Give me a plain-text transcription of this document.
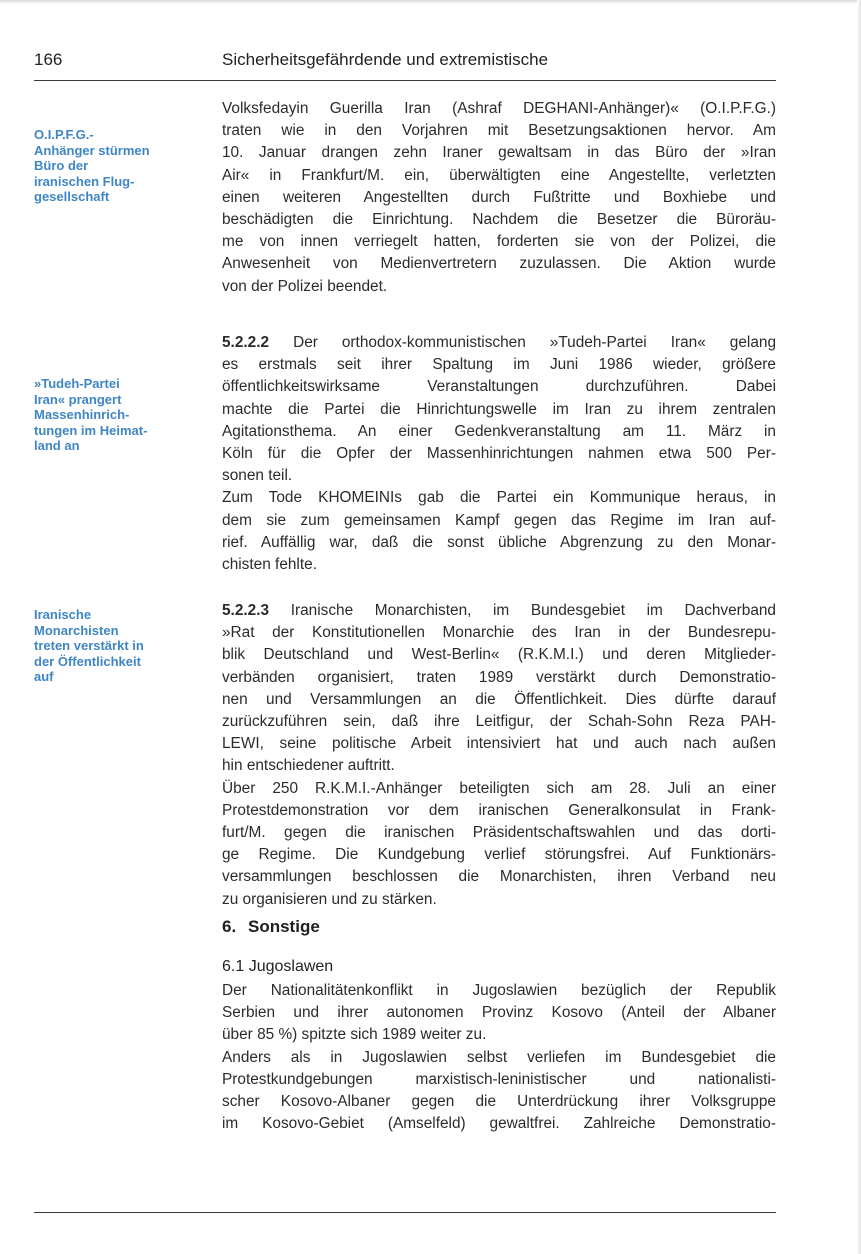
166	Sicherheitsgefährdende und extremistische
O.I.P.F.G.-
Anhänger stürmen
Büro der
iranischen Flug-
gesellschaft
»Tudeh-Partei
Iran« prangert
Massenhinrich-
tungen im Heimat-
land an
Iranische
Monarchisten
treten verstärkt in
der Öffentlichkeit
auf
Volksfedayin Guerilla Iran (Ashraf DEGHANI-Anhänger)« (O.I.P.F.G.)
traten wie in den Vorjahren mit Besetzungsaktionen hervor. Am
10. Januar drangen zehn Iraner gewaltsam in das Büro der »Iran
Air« in Frankfurt/M. ein, überwältigten eine Angestellte, verletzten
einen weiteren Angestellten durch Fußtritte und Boxhiebe und
beschädigten die Einrichtung. Nachdem die Besetzer die Büroräu-
me von innen verriegelt hatten, forderten sie von der Polizei, die
Anwesenheit von Medienvertretern zuzulassen. Die Aktion wurde
von der Polizei beendet.
5.2.2.2 Der orthodox-kommunistischen »Tudeh-Partei Iran« gelang
es erstmals seit ihrer Spaltung im Juni 1986 wieder, größere
öffentlichkeitswirksame Veranstaltungen durchzuführen. Dabei
machte die Partei die Hinrichtungswelle im Iran zu ihrem zentralen
Agitationsthema. An einer Gedenkveranstaltung am 11. März in
Köln für die Opfer der Massenhinrichtungen nahmen etwa 500 Per-
sonen teil.
Zum Tode KHOMEINIs gab die Partei ein Kommunique heraus, in
dem sie zum gemeinsamen Kampf gegen das Regime im Iran auf-
rief. Auffällig war, daß die sonst übliche Abgrenzung zu den Monar-
chisten fehlte.
5.2.2.3 Iranische Monarchisten, im Bundesgebiet im Dachverband
»Rat der Konstitutionellen Monarchie des Iran in der Bundesrepu-
blik Deutschland und West-Berlin« (R.K.M.I.) und deren Mitglieder-
verbänden organisiert, traten 1989 verstärkt durch Demonstratio-
nen und Versammlungen an die Öffentlichkeit. Dies dürfte darauf
zurückzuführen sein, daß ihre Leitfigur, der Schah-Sohn Reza PAH-
LEWI, seine politische Arbeit intensiviert hat und auch nach außen
hin entschiedener auftritt.
Über 250 R.K.M.I.-Anhänger beteiligten sich am 28. Juli an einer
Protestdemonstration vor dem iranischen Generalkonsulat in Frank-
furt/M. gegen die iranischen Präsidentschaftswahlen und das dorti-
ge Regime. Die Kundgebung verlief störungsfrei. Auf Funktionärs-
versammlungen beschlossen die Monarchisten, ihren Verband neu
zu organisieren und zu stärken.
6. Sonstige
6.1 Jugoslawen
Der Nationalitätenkonflikt in Jugoslawien bezüglich der Republik
Serbien und ihrer autonomen Provinz Kosovo (Anteil der Albaner
über 85 %) spitzte sich 1989 weiter zu.
Anders als in Jugoslawien selbst verliefen im Bundesgebiet die
Protestkundgebungen marxistisch-leninistischer und nationalisti-
scher Kosovo-Albaner gegen die Unterdrückung ihrer Volksgruppe
im Kosovo-Gebiet (Amselfeld) gewaltfrei. Zahlreiche Demonstratio-
